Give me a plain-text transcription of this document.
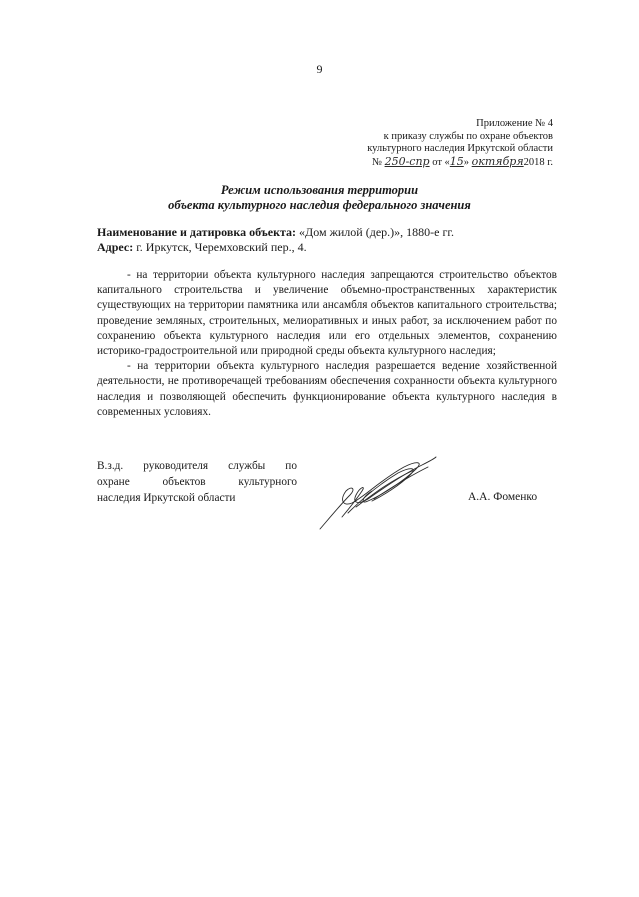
9
Приложение № 4
к приказу службы по охране объектов
культурного наследия Иркутской области
№ 250-спр от «15» октября2018 г.
Режим использования территории
объекта культурного наследия федерального значения
Наименование и датировка объекта: «Дом жилой (дер.)», 1880-е гг.
Адрес: г. Иркутск, Черемховский пер., 4.

- на территории объекта культурного наследия запрещаются строительство объектов капитального строительства и увеличение объемно-пространственных характеристик существующих на территории памятника или ансамбля объектов капитального строительства; проведение земляных, строительных, мелиоративных и иных работ, за исключением работ по сохранению объекта культурного наследия или его отдельных элементов, сохранению историко-градостроительной или природной среды объекта культурного наследия;

- на территории объекта культурного наследия разрешается ведение хозяйственной деятельности, не противоречащей требованиям обеспечения сохранности объекта культурного наследия и позволяющей обеспечить функционирование объекта культурного наследия в современных условиях.

В.з.д. руководителя службы по
охране объектов культурного
наследия Иркутской области	А.А. Фоменко
